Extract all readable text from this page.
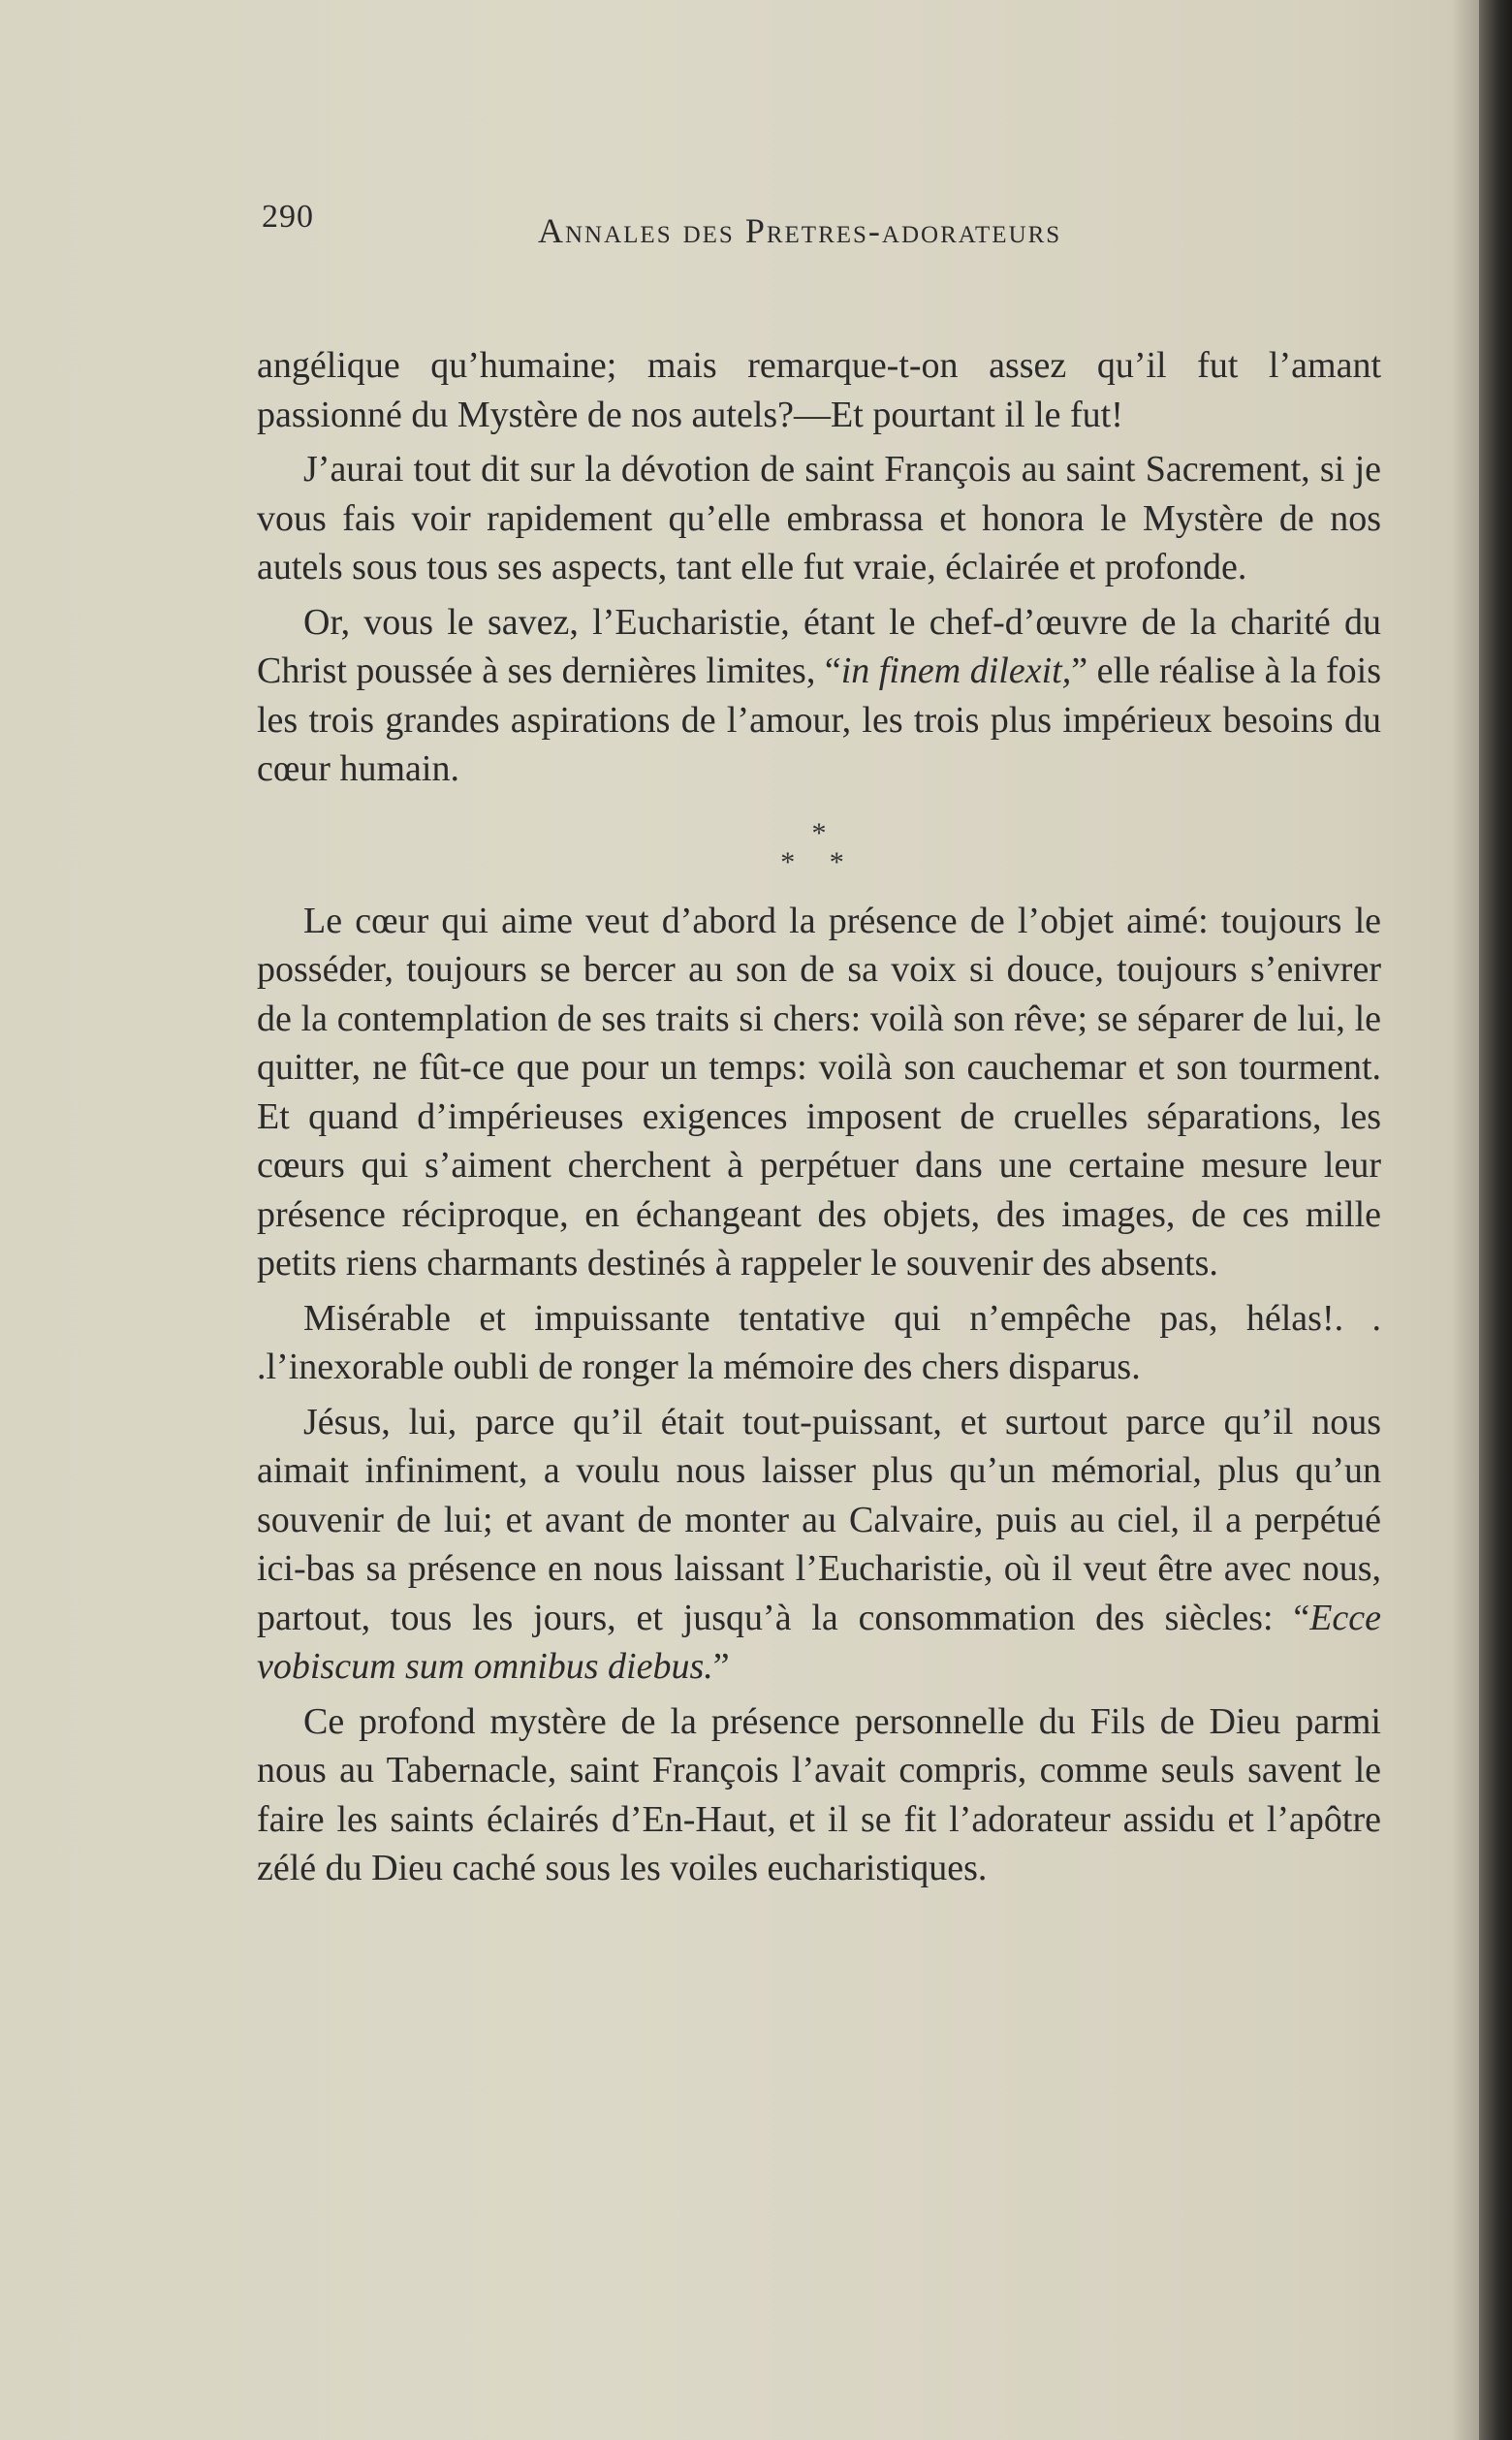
290	Annales des Pretres-adorateurs

angélique qu’humaine; mais remarque-t-on assez qu’il fut l’amant passionné du Mystère de nos autels?—Et pourtant il le fut!

J’aurai tout dit sur la dévotion de saint François au saint Sacrement, si je vous fais voir rapidement qu’elle embrassa et honora le Mystère de nos autels sous tous ses aspects, tant elle fut vraie, éclairée et profonde.

Or, vous le savez, l’Eucharistie, étant le chef-d’œuvre de la charité du Christ poussée à ses dernières limites, “in finem dilexit,” elle réalise à la fois les trois grandes aspirations de l’amour, les trois plus impérieux besoins du cœur humain.

*
* *

Le cœur qui aime veut d’abord la présence de l’objet aimé: toujours le posséder, toujours se bercer au son de sa voix si douce, toujours s’enivrer de la contemplation de ses traits si chers: voilà son rêve; se séparer de lui, le quitter, ne fût-ce que pour un temps: voilà son cauchemar et son tourment. Et quand d’impérieuses exigences imposent de cruelles séparations, les cœurs qui s’aiment cherchent à perpétuer dans une certaine mesure leur présence réciproque, en échangeant des objets, des images, de ces mille petits riens charmants destinés à rappeler le souvenir des absents.

Misérable et impuissante tentative qui n’empêche pas, hélas!. . .l’inexorable oubli de ronger la mémoire des chers disparus.

Jésus, lui, parce qu’il était tout-puissant, et surtout parce qu’il nous aimait infiniment, a voulu nous laisser plus qu’un mémorial, plus qu’un souvenir de lui; et avant de monter au Calvaire, puis au ciel, il a perpétué ici-bas sa présence en nous laissant l’Eucharistie, où il veut être avec nous, partout, tous les jours, et jusqu’à la consommation des siècles: “Ecce vobiscum sum omnibus diebus.”

Ce profond mystère de la présence personnelle du Fils de Dieu parmi nous au Tabernacle, saint François l’avait compris, comme seuls savent le faire les saints éclairés d’En-Haut, et il se fit l’adorateur assidu et l’apôtre zélé du Dieu caché sous les voiles eucharistiques.
